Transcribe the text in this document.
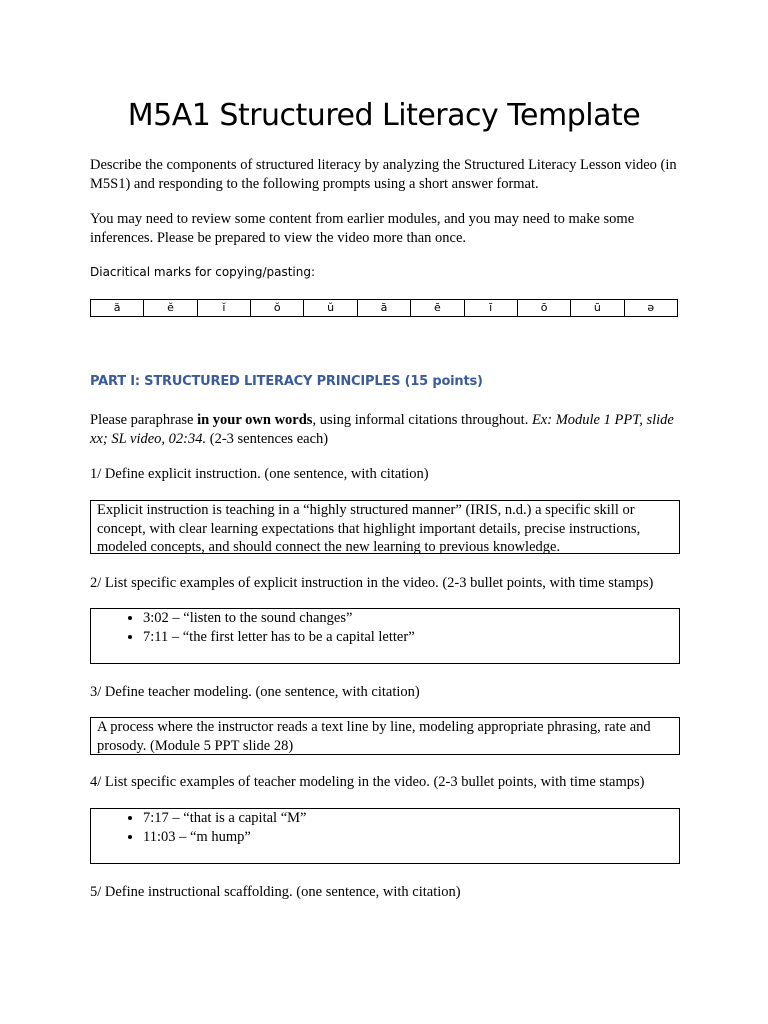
M5A1 Structured Literacy Template

Describe the components of structured literacy by analyzing the Structured Literacy Lesson video (in M5S1) and responding to the following prompts using a short answer format.

You may need to review some content from earlier modules, and you may need to make some inferences. Please be prepared to view the video more than once.

Diacritical marks for copying/pasting:

ă	ĕ	ĭ	ŏ	ŭ	ā	ē	ī	ō	ū	ə
PART I: STRUCTURED LITERACY PRINCIPLES (15 points)

Please paraphrase in your own words, using informal citations throughout. Ex: Module 1 PPT, slide xx; SL video, 02:34. (2-3 sentences each)

1/ Define explicit instruction. (one sentence, with citation)

Explicit instruction is teaching in a “highly structured manner” (IRIS, n.d.) a specific skill or concept, with clear learning expectations that highlight important details, precise instructions, modeled concepts, and should connect the new learning to previous knowledge.

2/ List specific examples of explicit instruction in the video. (2-3 bullet points, with time stamps)

• 3:02 – “listen to the sound changes”
• 7:11 – “the first letter has to be a capital letter”

3/ Define teacher modeling. (one sentence, with citation)

A process where the instructor reads a text line by line, modeling appropriate phrasing, rate and prosody. (Module 5 PPT slide 28)

4/ List specific examples of teacher modeling in the video. (2-3 bullet points, with time stamps)

• 7:17 – “that is a capital “M”
• 11:03 – “m hump”

5/ Define instructional scaffolding. (one sentence, with citation)
